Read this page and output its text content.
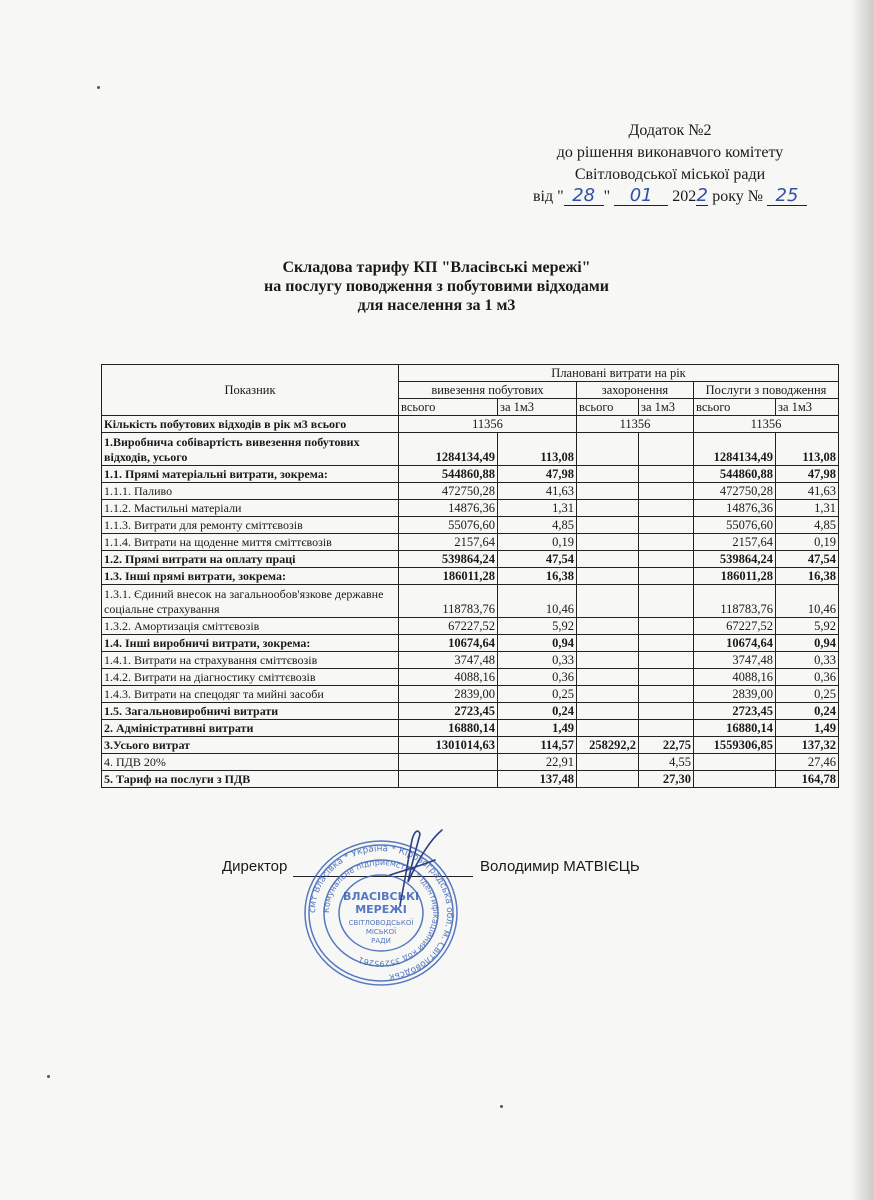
Додаток №2
до рішення виконавчого комітету
Світловодської міської ради
від " 28 " 01 2022 року № 25
Складова тарифу КП "Власівські мережі"
на послугу поводження з побутовими відходами
для населення за 1 м3
Показник	Плановані витрати на рік					
	вивезення побутових		захоронення		Послуги з поводження	
	всього	за 1м3	всього	за 1м3	всього	за 1м3
Кількість побутових відходів в рік м3 всього	11356		11356		11356	
1.Виробнича собівартість вивезення побутових відходів, усього	1284134,49	113,08			1284134,49	113,08
1.1. Прямі матеріальні витрати, зокрема:	544860,88	47,98			544860,88	47,98
1.1.1. Паливо	472750,28	41,63			472750,28	41,63
1.1.2. Мастильні матеріали	14876,36	1,31			14876,36	1,31
1.1.3. Витрати для ремонту сміттєвозів	55076,60	4,85			55076,60	4,85
1.1.4. Витрати на щоденне миття сміттєвозів	2157,64	0,19			2157,64	0,19
1.2. Прямі витрати на оплату праці	539864,24	47,54			539864,24	47,54
1.3. Інші прямі витрати, зокрема:	186011,28	16,38			186011,28	16,38
1.3.1. Єдиний внесок на загальнообов'язкове державне соціальне страхування	118783,76	10,46			118783,76	10,46
1.3.2. Амортизація сміттєвозів	67227,52	5,92			67227,52	5,92
1.4. Інші виробничі витрати, зокрема:	10674,64	0,94			10674,64	0,94
1.4.1. Витрати на страхування сміттєвозів	3747,48	0,33			3747,48	0,33
1.4.2. Витрати на діагностику сміттєвозів	4088,16	0,36			4088,16	0,36
1.4.3. Витрати на спецодяг та мийні засоби	2839,00	0,25			2839,00	0,25
1.5. Загальновиробничі витрати	2723,45	0,24			2723,45	0,24
2. Адміністративні витрати	16880,14	1,49			16880,14	1,49
3.Усього витрат	1301014,63	114,57	258292,2	22,75	1559306,85	137,32
4. ПДВ 20%		22,91		4,55		27,46
5. Тариф на послуги з ПДВ		137,48		27,30		164,78
Директор	Володимир МАТВІЄЦЬ
смт Власівка * Україна * Кіровоградська обл. м. Світловодськ
Комунальне підприємство * Ідентифікаційний код 35295261
ВЛАСІВСЬКІ
МЕРЕЖІ
СВІТЛОВОДСЬКОЇ
МІСЬКОЇ
РАДИ
